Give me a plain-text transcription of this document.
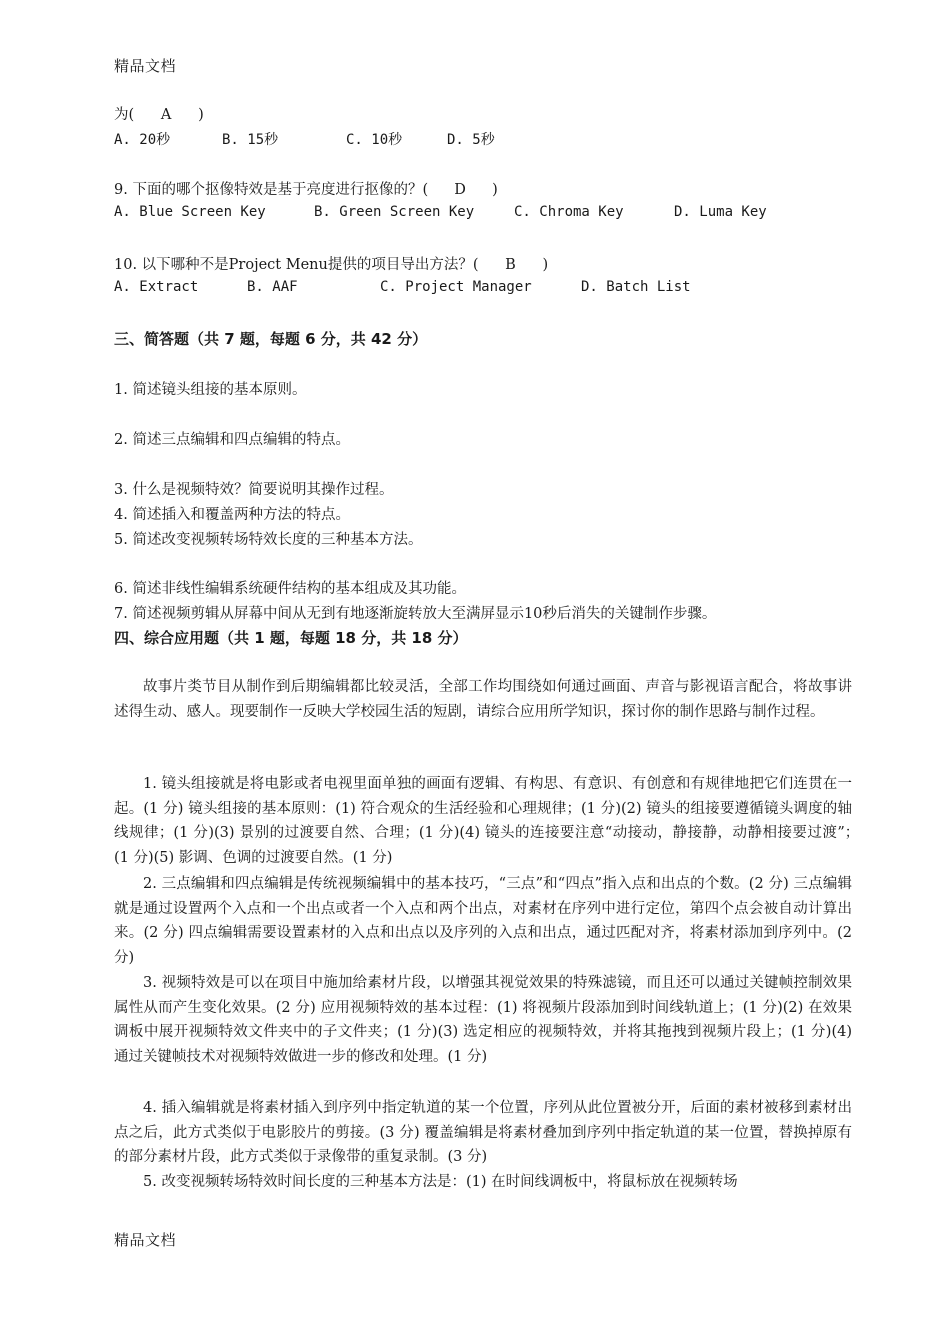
精品文档
为( A )
A. 20秒	B. 15秒	C. 10秒	D. 5秒
9. 下面的哪个抠像特效是基于亮度进行抠像的？( D )
A. Blue Screen Key	B. Green Screen Key	C. Chroma Key	D. Luma Key
10. 以下哪种不是Project Menu提供的项目导出方法？( B )
A. Extract	B. AAF	C. Project Manager	D. Batch List
三、简答题（共 7 题，每题 6 分，共 42 分）
1. 简述镜头组接的基本原则。
2. 简述三点编辑和四点编辑的特点。
3. 什么是视频特效？简要说明其操作过程。
4. 简述插入和覆盖两种方法的特点。
5. 简述改变视频转场特效长度的三种基本方法。
6. 简述非线性编辑系统硬件结构的基本组成及其功能。
7. 简述视频剪辑从屏幕中间从无到有地逐渐旋转放大至满屏显示10秒后消失的关键制作步骤。
四、综合应用题（共 1 题，每题 18 分，共 18 分）

故事片类节目从制作到后期编辑都比较灵活，全部工作均围绕如何通过画面、声音与影视语言配合，将故事讲述得生动、感人。现要制作一反映大学校园生活的短剧，请综合应用所学知识，探讨你的制作思路与制作过程。

1. 镜头组接就是将电影或者电视里面单独的画面有逻辑、有构思、有意识、有创意和有规律地把它们连贯在一起。(1 分) 镜头组接的基本原则：(1) 符合观众的生活经验和心理规律；(1 分)(2) 镜头的组接要遵循镜头调度的轴线规律；(1 分)(3) 景别的过渡要自然、合理；(1 分)(4) 镜头的连接要注意“动接动，静接静，动静相接要过渡”；　(1 分)(5) 影调、色调的过渡要自然。(1 分)

2. 三点编辑和四点编辑是传统视频编辑中的基本技巧，“三点”和“四点”指入点和出点的个数。(2 分) 三点编辑就是通过设置两个入点和一个出点或者一个入点和两个出点，对素材在序列中进行定位，第四个点会被自动计算出来。(2 分) 四点编辑需要设置素材的入点和出点以及序列的入点和出点，通过匹配对齐，将素材添加到序列中。(2 分)

3. 视频特效是可以在项目中施加给素材片段，以增强其视觉效果的特殊滤镜，而且还可以通过关键帧控制效果属性从而产生变化效果。(2 分) 应用视频特效的基本过程：(1) 将视频片段添加到时间线轨道上；(1 分)(2) 在效果调板中展开视频特效文件夹中的子文件夹；(1 分)(3) 选定相应的视频特效，并将其拖拽到视频片段上；(1 分)(4) 通过关键帧技术对视频特效做进一步的修改和处理。(1 分)

4. 插入编辑就是将素材插入到序列中指定轨道的某一个位置，序列从此位置被分开，后面的素材被移到素材出点之后，此方式类似于电影胶片的剪接。(3 分) 覆盖编辑是将素材叠加到序列中指定轨道的某一位置，替换掉原有的部分素材片段，此方式类似于录像带的重复录制。(3 分)

5. 改变视频转场特效时间长度的三种基本方法是：(1) 在时间线调板中，将鼠标放在视频转场

精品文档
